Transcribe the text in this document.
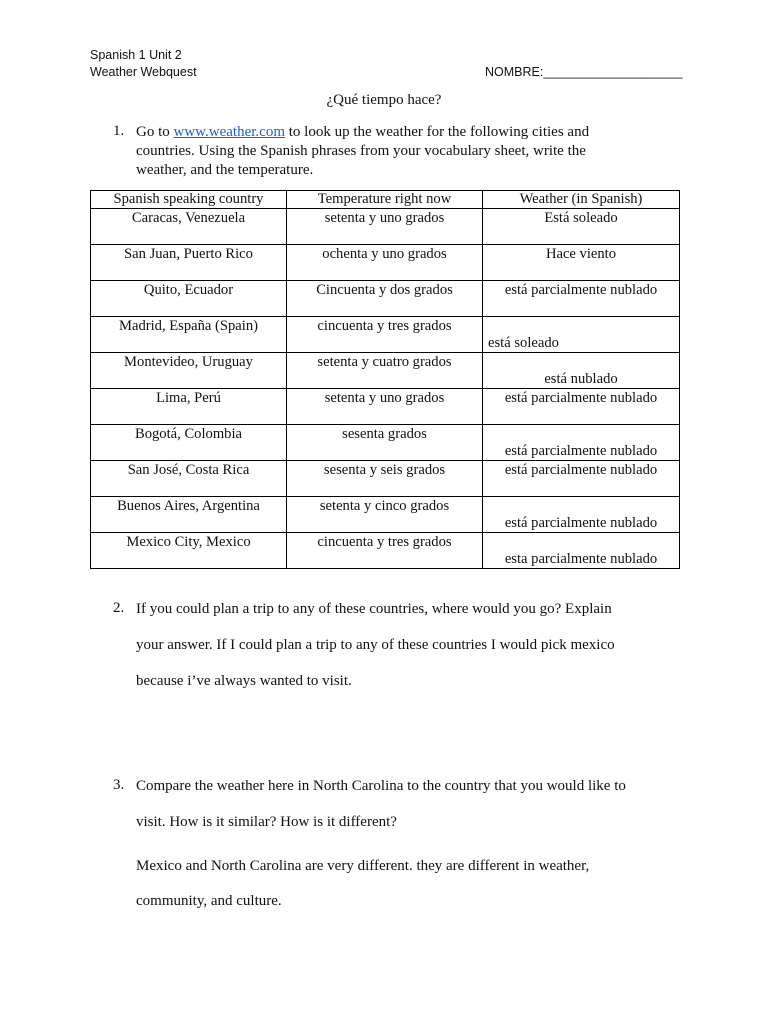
Spanish 1 Unit 2
Weather Webquest	NOMBRE:____________________
¿Qué tiempo hace?
1. Go to www.weather.com to look up the weather for the following cities and
countries. Using the Spanish phrases from your vocabulary sheet, write the
weather, and the temperature.
Spanish speaking country	Temperature right now	Weather (in Spanish)
Caracas, Venezuela	setenta y uno grados	Está soleado
San Juan, Puerto Rico	ochenta y uno grados	Hace viento
Quito, Ecuador	Cincuenta y dos grados	está parcialmente nublado
Madrid, España (Spain)	cincuenta y tres grados	está soleado
Montevideo, Uruguay	setenta y cuatro grados	está nublado
Lima, Perú	setenta y uno grados	está parcialmente nublado
Bogotá, Colombia	sesenta grados	está parcialmente nublado
San José, Costa Rica	sesenta y seis grados	está parcialmente nublado
Buenos Aires, Argentina	setenta y cinco grados	está parcialmente nublado
Mexico City, Mexico	cincuenta y tres grados	esta parcialmente nublado
2. If you could plan a trip to any of these countries, where would you go? Explain
your answer. If I could plan a trip to any of these countries I would pick mexico
because i’ve always wanted to visit.
3. Compare the weather here in North Carolina to the country that you would like to
visit. How is it similar? How is it different?
Mexico and North Carolina are very different. they are different in weather,
community, and culture.
